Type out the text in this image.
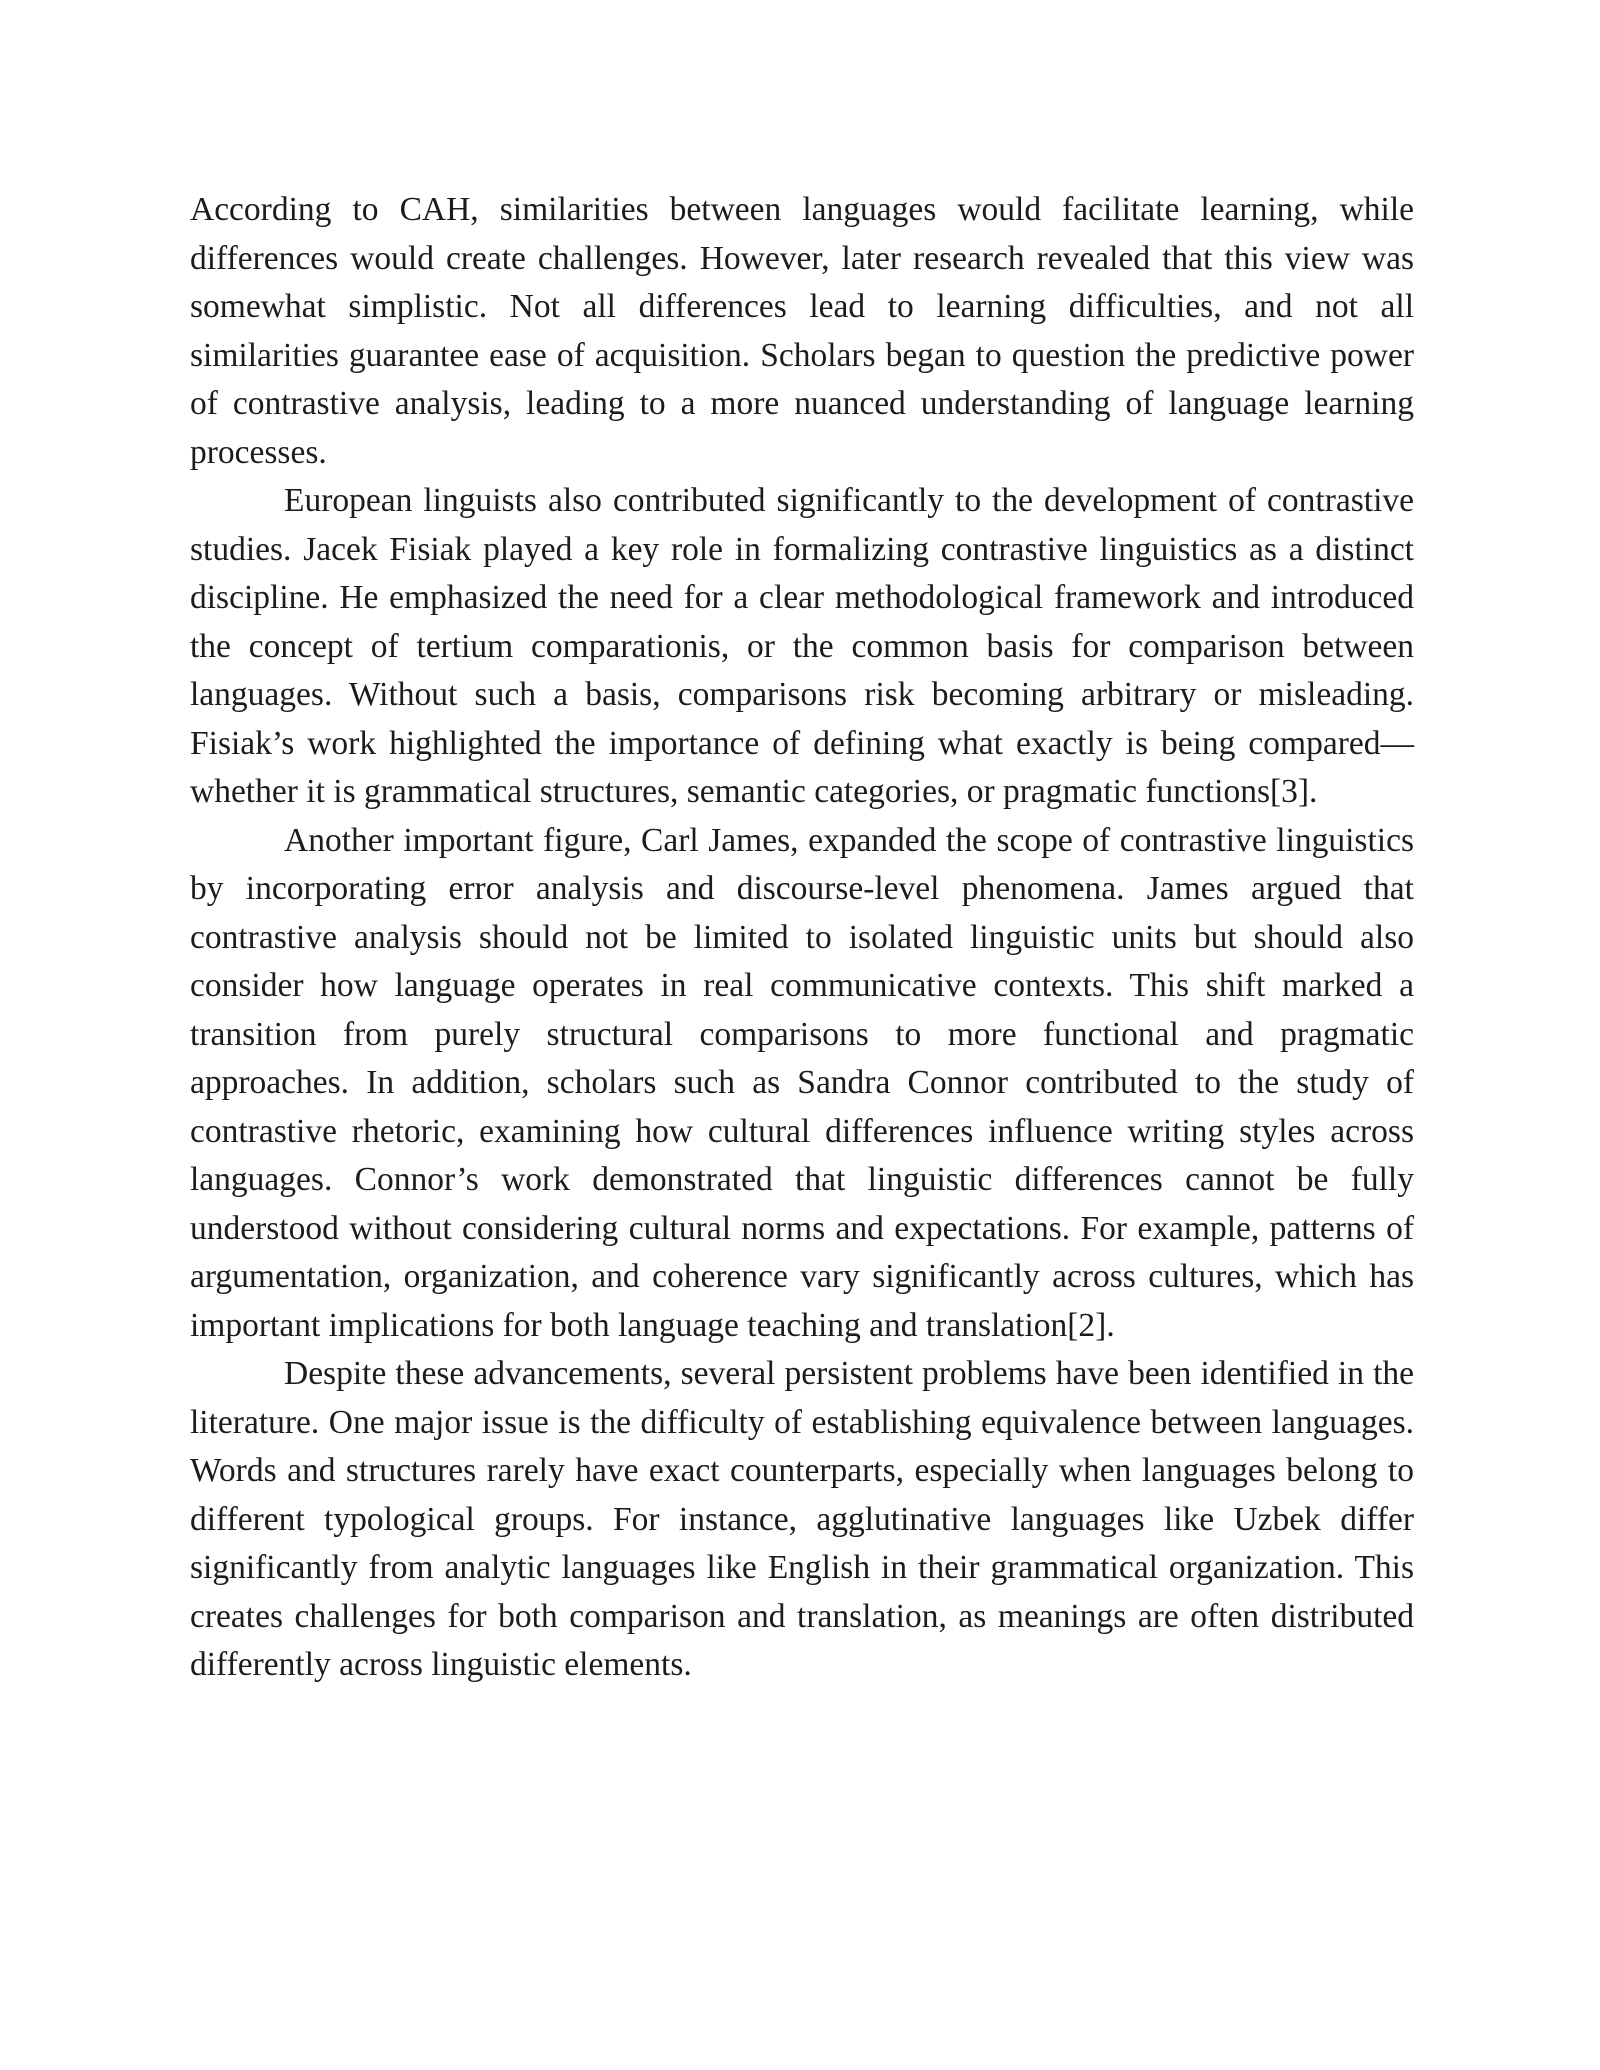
According to CAH, similarities between languages would facilitate learning, while differences would create challenges. However, later research revealed that this view was somewhat simplistic. Not all differences lead to learning difficulties, and not all similarities guarantee ease of acquisition. Scholars began to question the predictive power of contrastive analysis, leading to a more nuanced understanding of language learning processes.

European linguists also contributed significantly to the development of contrastive studies. Jacek Fisiak played a key role in formalizing contrastive linguistics as a distinct discipline. He emphasized the need for a clear methodological framework and introduced the concept of tertium comparationis, or the common basis for comparison between languages. Without such a basis, comparisons risk becoming arbitrary or misleading. Fisiak’s work highlighted the importance of defining what exactly is being compared—whether it is grammatical structures, semantic categories, or pragmatic functions[3].

Another important figure, Carl James, expanded the scope of contrastive linguistics by incorporating error analysis and discourse-level phenomena. James argued that contrastive analysis should not be limited to isolated linguistic units but should also consider how language operates in real communicative contexts. This shift marked a transition from purely structural comparisons to more functional and pragmatic approaches. In addition, scholars such as Sandra Connor contributed to the study of contrastive rhetoric, examining how cultural differences influence writing styles across languages. Connor’s work demonstrated that linguistic differences cannot be fully understood without considering cultural norms and expectations. For example, patterns of argumentation, organization, and coherence vary significantly across cultures, which has important implications for both language teaching and translation[2].

Despite these advancements, several persistent problems have been identified in the literature. One major issue is the difficulty of establishing equivalence between languages. Words and structures rarely have exact counterparts, especially when languages belong to different typological groups. For instance, agglutinative languages like Uzbek differ significantly from analytic languages like English in their grammatical organization. This creates challenges for both comparison and translation, as meanings are often distributed differently across linguistic elements.
